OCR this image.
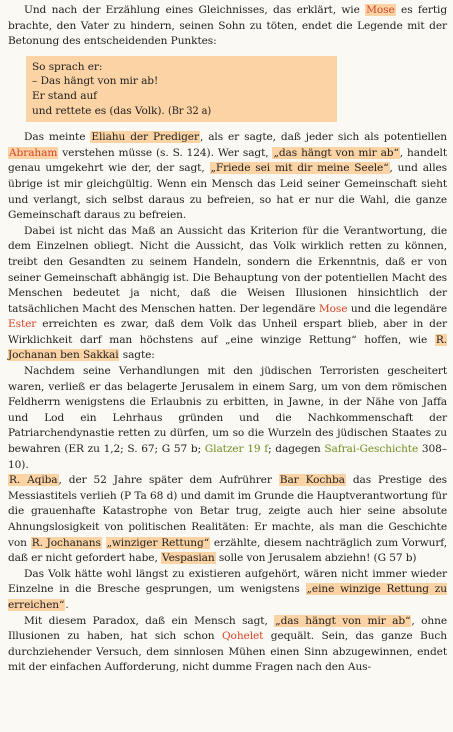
Und nach der Erzählung eines Gleichnisses, das erklärt, wie Mose es fertig brachte, den Vater zu hindern, seinen Sohn zu töten, endet die Legende mit der Betonung des entscheidenden Punktes:

So sprach er:
– Das hängt von mir ab!
Er stand auf
und rettete es (das Volk). (Br 32 a)

Das meinte Eliahu der Prediger, als er sagte, daß jeder sich als potentiellen Abraham verstehen müsse (s. S. 124). Wer sagt, „das hängt von mir ab“, handelt genau umgekehrt wie der, der sagt, „Friede sei mit dir meine Seele“, und alles übrige ist mir gleichgültig. Wenn ein Mensch das Leid seiner Gemeinschaft sieht und verlangt, sich selbst daraus zu befreien, so hat er nur die Wahl, die ganze Gemeinschaft daraus zu befreien.

Dabei ist nicht das Maß an Aussicht das Kriterion für die Verantwortung, die dem Einzelnen obliegt. Nicht die Aussicht, das Volk wirklich retten zu können, treibt den Gesandten zu seinem Handeln, sondern die Erkenntnis, daß er von seiner Gemeinschaft abhängig ist. Die Behauptung von der potentiellen Macht des Menschen bedeutet ja nicht, daß die Weisen Illusionen hinsichtlich der tatsächlichen Macht des Menschen hatten. Der legendäre Mose und die legendäre Ester erreichten es zwar, daß dem Volk das Unheil erspart blieb, aber in der Wirklichkeit darf man höchstens auf „eine winzige Rettung“ hoffen, wie R. Jochanan ben Sakkai sagte:

Nachdem seine Verhandlungen mit den jüdischen Terroristen gescheitert waren, verließ er das belagerte Jerusalem in einem Sarg, um von dem römischen Feldherrn wenigstens die Erlaubnis zu erbitten, in Jawne, in der Nähe von Jaffa und Lod ein Lehrhaus gründen und die Nachkommenschaft der Patriarchendynastie retten zu dürfen, um so die Wurzeln des jüdischen Staates zu bewahren (ER zu 1,2; S. 67; G 57 b; Glatzer 19 f; dagegen Safrai-Geschichte 308–10).

R. Aqiba, der 52 Jahre später dem Aufrührer Bar Kochba das Prestige des Messiastitels verlieh (P Ta 68 d) und damit im Grunde die Hauptverantwortung für die grauenhafte Katastrophe von Betar trug, zeigte auch hier seine absolute Ahnungslosigkeit von politischen Realitäten: Er machte, als man die Geschichte von R. Jochanans „winziger Rettung“ erzählte, diesem nachträglich zum Vorwurf, daß er nicht gefordert habe, Vespasian solle von Jerusalem abziehn! (G 57 b)

Das Volk hätte wohl längst zu existieren aufgehört, wären nicht immer wieder Einzelne in die Bresche gesprungen, um wenigstens „eine winzige Rettung zu erreichen“.

Mit diesem Paradox, daß ein Mensch sagt, „das hängt von mir ab“, ohne Illusionen zu haben, hat sich schon Qohelet gequält. Sein, das ganze Buch durchziehender Versuch, dem sinnlosen Mühen einen Sinn abzugewinnen, endet mit der einfachen Aufforderung, nicht dumme Fragen nach den Aus-
